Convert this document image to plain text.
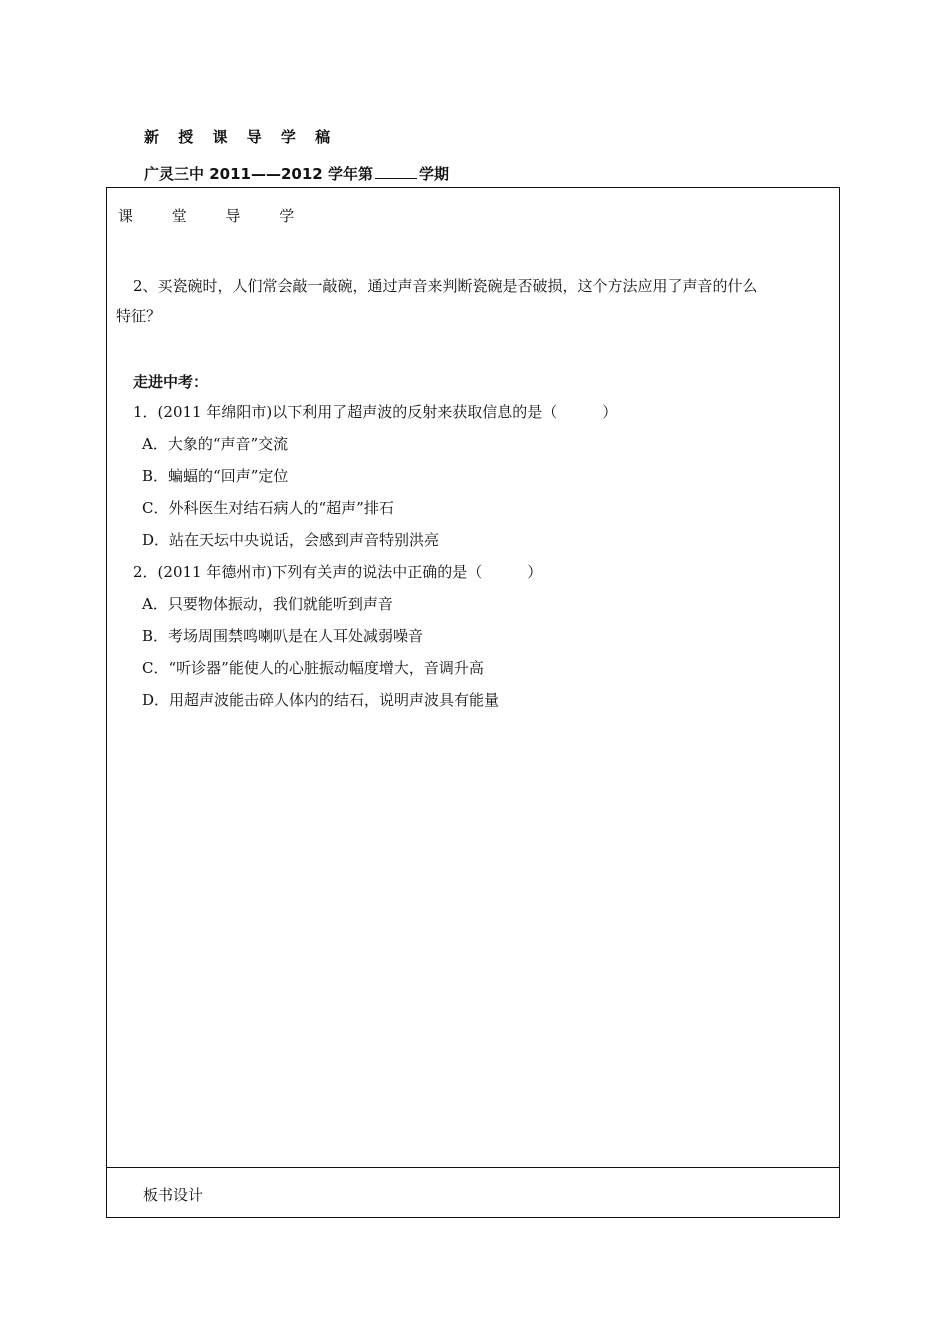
新 授 课 导 学 稿
广灵三中 2011——2012 学年第	学期
课 堂 导 学
2、买瓷碗时，人们常会敲一敲碗，通过声音来判断瓷碗是否破损，这个方法应用了声音的什么
特征？
走进中考：
1．(2011 年绵阳市)以下利用了超声波的反射来获取信息的是（　　　）
A．大象的“声音”交流
B．蝙蝠的“回声”定位
C．外科医生对结石病人的“超声”排石
D．站在天坛中央说话，会感到声音特别洪亮
2．(2011 年德州市)下列有关声的说法中正确的是（　　　）
A．只要物体振动，我们就能听到声音
B．考场周围禁鸣喇叭是在人耳处减弱噪音
C．“听诊器”能使人的心脏振动幅度增大，音调升高
D．用超声波能击碎人体内的结石，说明声波具有能量
板书设计
